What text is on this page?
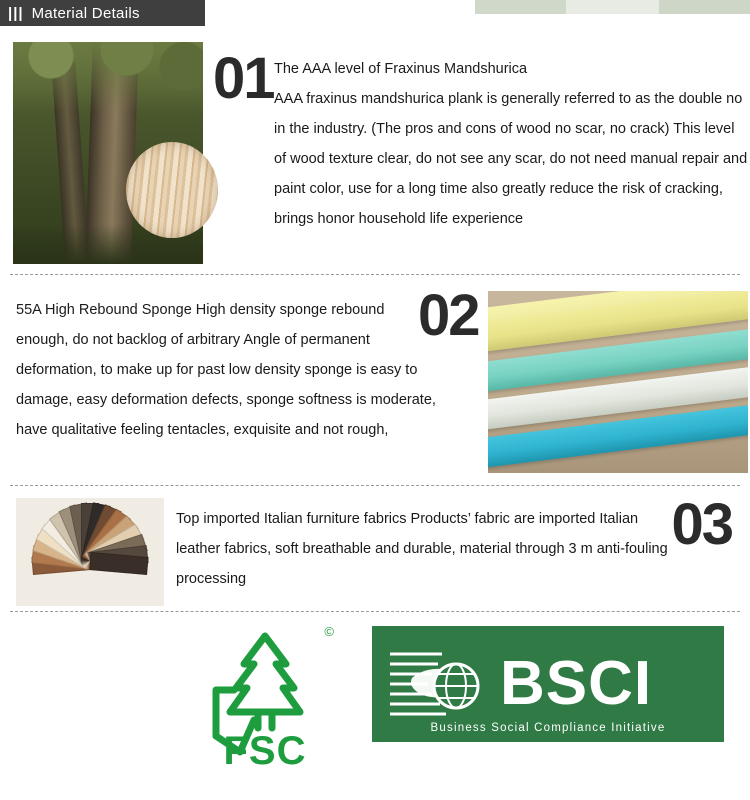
||| Material Details
01 The AAA level of Fraxinus Mandshurica
AAA fraxinus mandshurica plank is generally referred to as the double no in the industry. (The pros and cons of wood no scar, no crack) This level of wood texture clear, do not see any scar, do not need manual repair and paint color, use for a long time also greatly reduce the risk of cracking, brings honor household life experience
55A High Rebound Sponge High density sponge rebound enough, do not backlog of arbitrary Angle of permanent deformation, to make up for past low density sponge is easy to damage, easy deformation defects, sponge softness is moderate, have qualitative feeling tentacles, exquisite and not rough,
02
03
Top imported Italian furniture fabrics Products’ fabric are imported Italian leather fabrics, soft breathable and durable, material through 3 m anti-fouling processing
©
FSC
BSCI
Business Social Compliance Initiative
